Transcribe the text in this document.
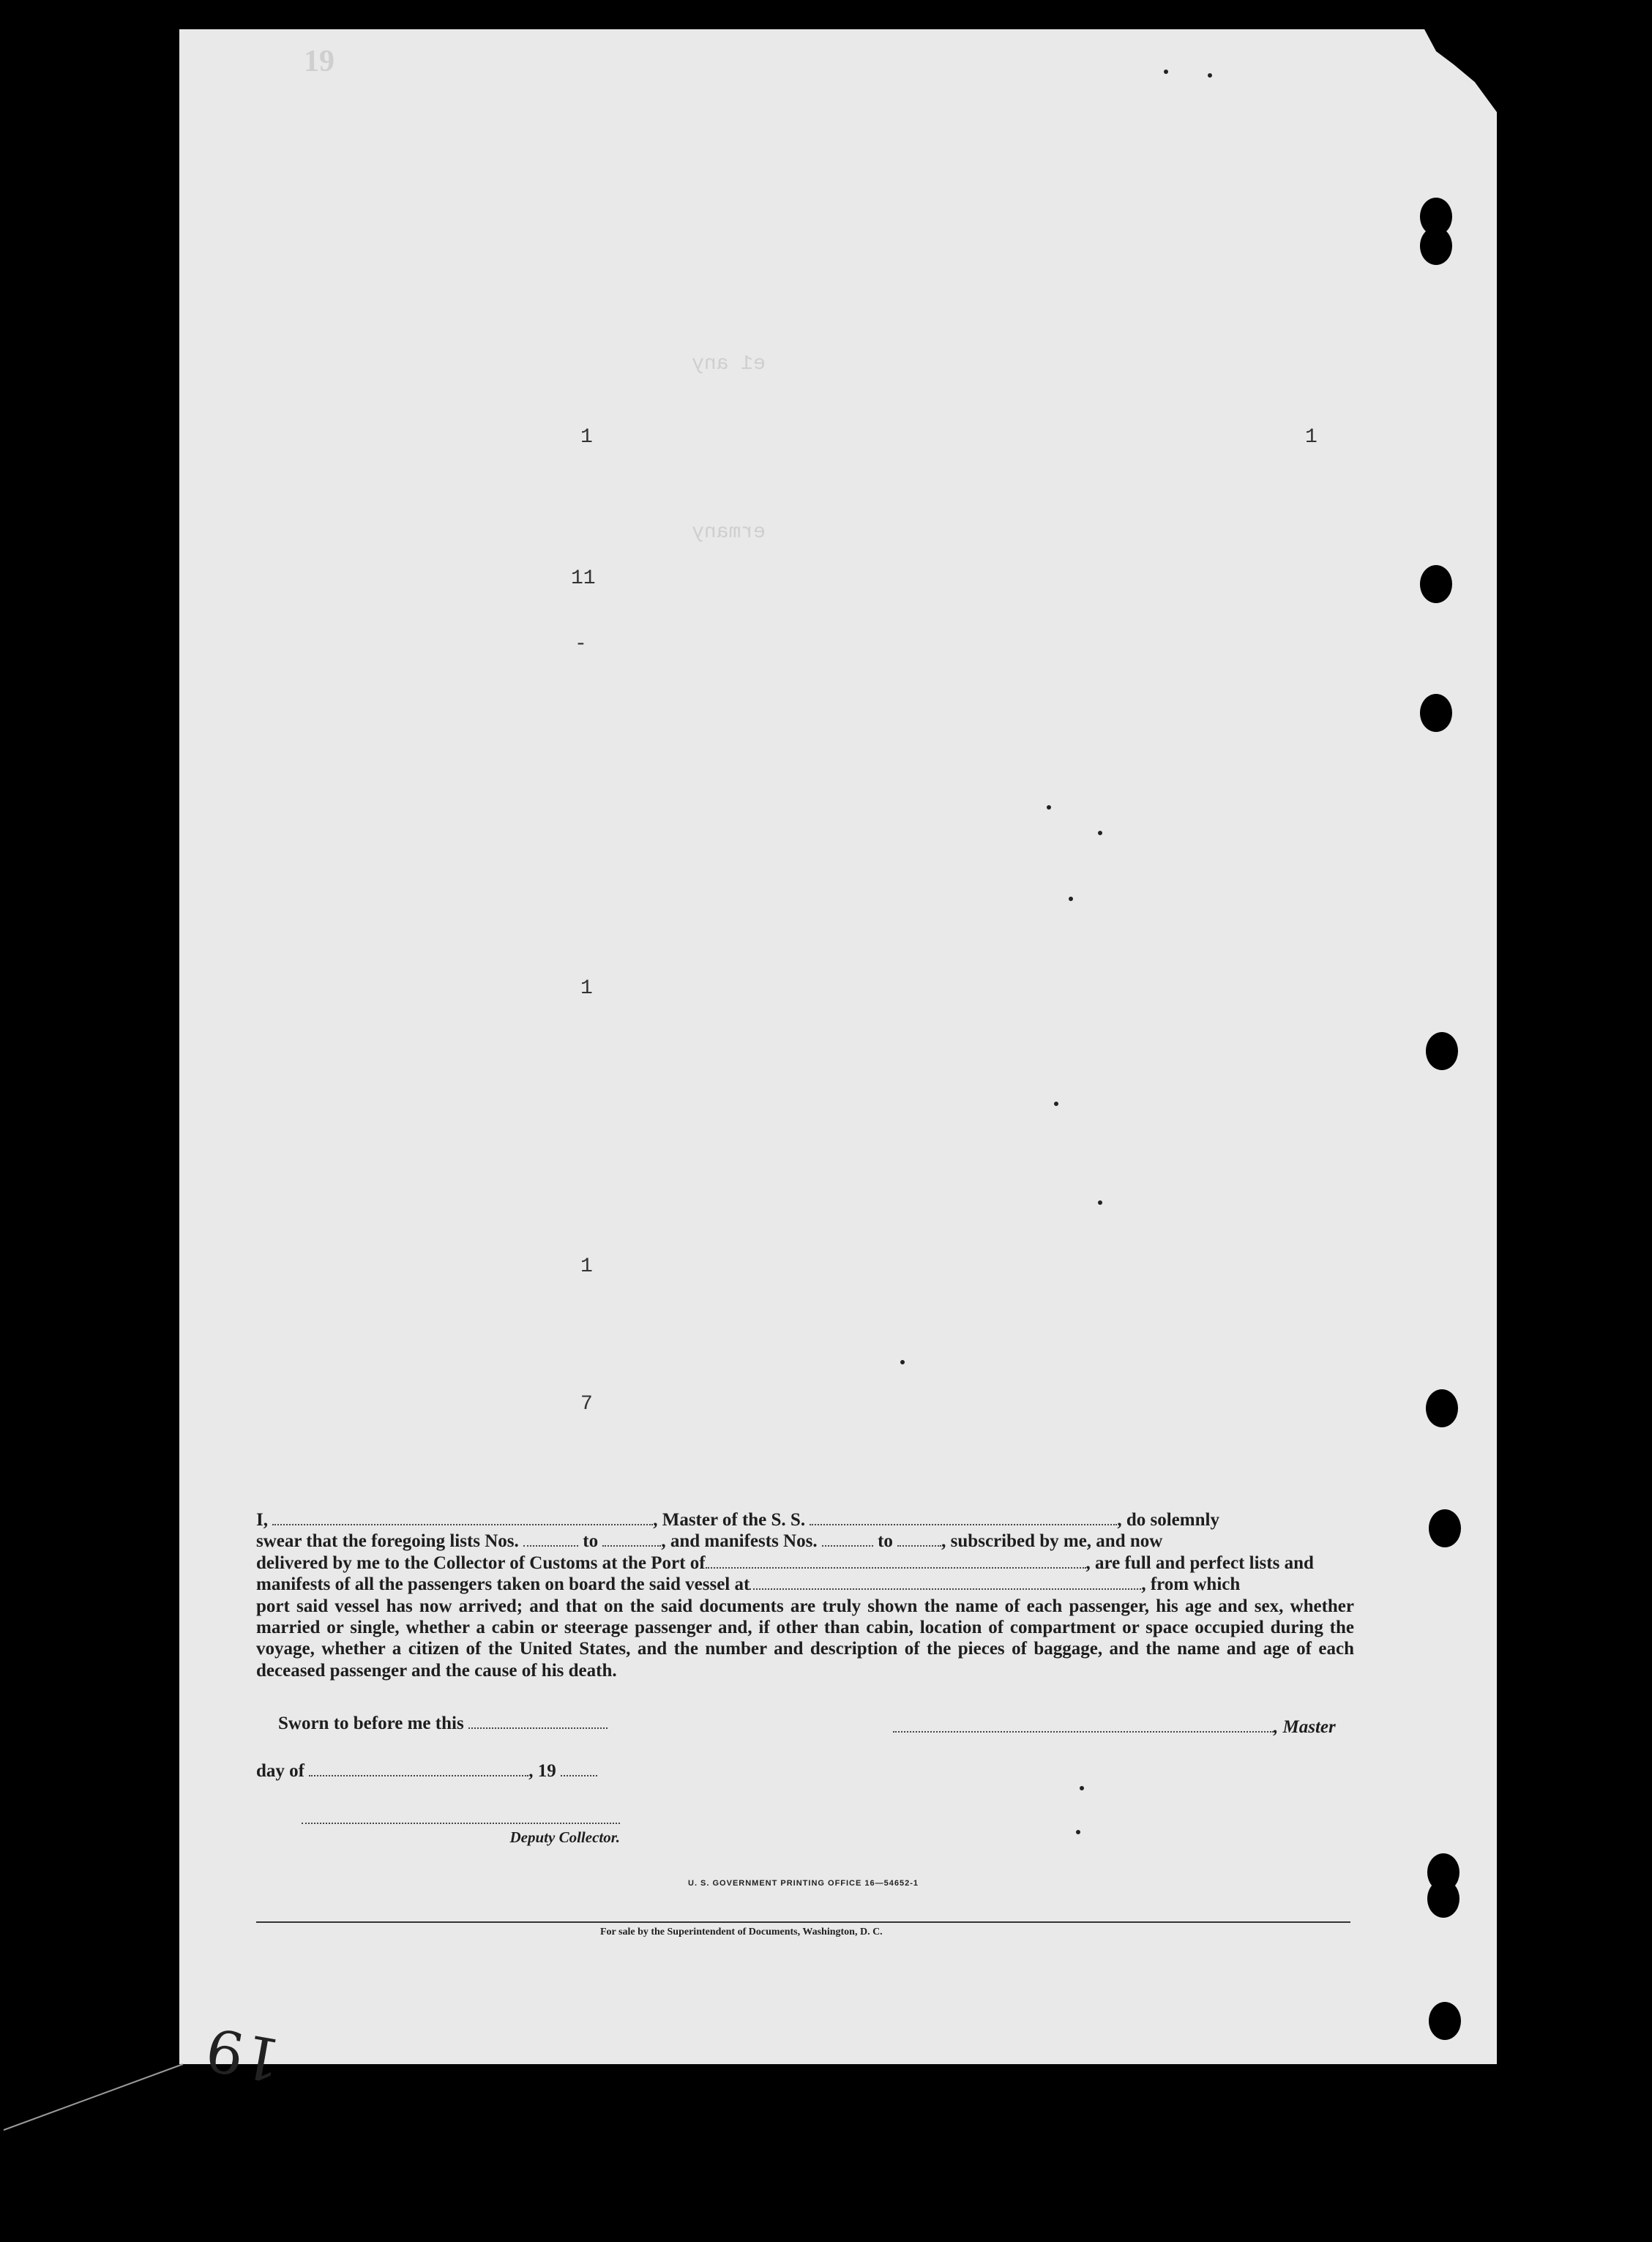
19
e1 any
ermany
1	1
11
-
1
1
7
I,	, Master of the S. S.	, do solemnly
swear that the foregoing lists Nos.	to	, and manifests Nos.	to	, subscribed by me, and now
delivered by me to the Collector of Customs at the Port of	, are full and perfect lists and
manifests of all the passengers taken on board the said vessel at	, from which
port said vessel has now arrived; and that on the said documents are truly shown the name of each passenger, his age and sex, whether married or single, whether a cabin or steerage passenger and, if other than cabin, location of compartment or space occupied during the voyage, whether a citizen of the United States, and the number and description of the pieces of baggage, and the name and age of each deceased passenger and the cause of his death.
Sworn to before me this	, Master
day of	, 19
Deputy Collector.
U. S. GOVERNMENT PRINTING OFFICE 16—54652-1
For sale by the Superintendent of Documents, Washington, D. C.
19
